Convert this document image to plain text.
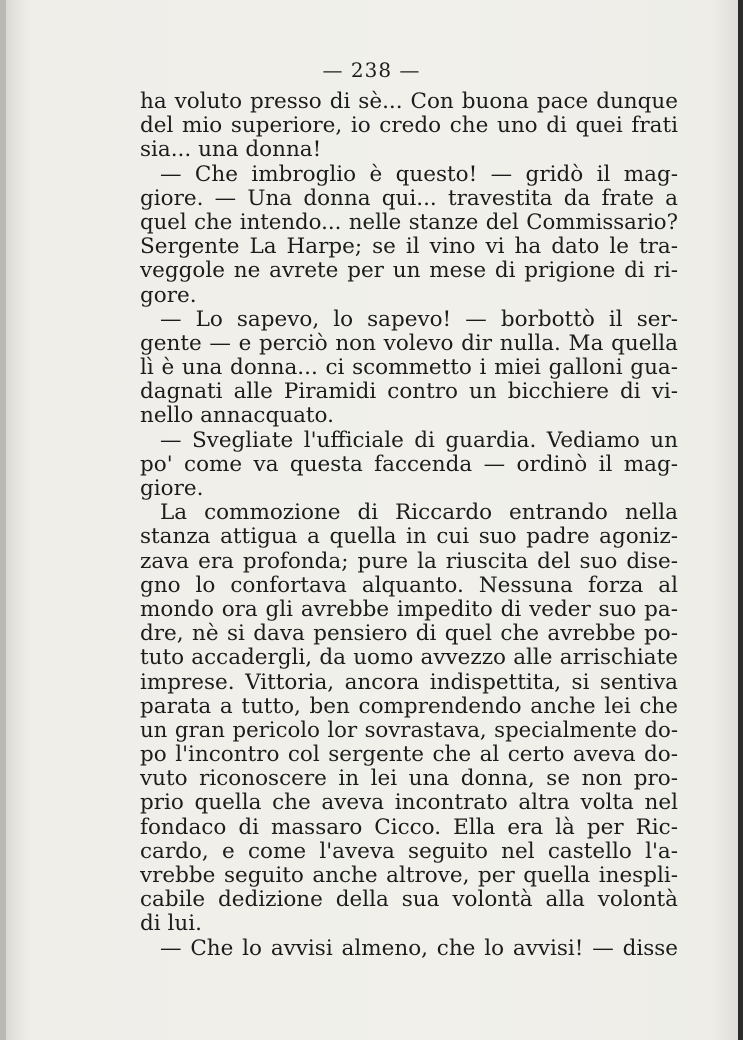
— 238 —
ha voluto presso di sè... Con buona pace dunque
del mio superiore, io credo che uno di quei frati
sia... una donna!
— Che imbroglio è questo! — gridò il mag-
giore. — Una donna qui... travestita da frate a
quel che intendo... nelle stanze del Commissario?
Sergente La Harpe; se il vino vi ha dato le tra-
veggole ne avrete per un mese di prigione di ri-
gore.
— Lo sapevo, lo sapevo! — borbottò il ser-
gente — e perciò non volevo dir nulla. Ma quella
lì è una donna... ci scommetto i miei galloni gua-
dagnati alle Piramidi contro un bicchiere di vi-
nello annacquato.
— Svegliate l'ufficiale di guardia. Vediamo un
po' come va questa faccenda — ordinò il mag-
giore.
La commozione di Riccardo entrando nella
stanza attigua a quella in cui suo padre agoniz-
zava era profonda; pure la riuscita del suo dise-
gno lo confortava alquanto. Nessuna forza al
mondo ora gli avrebbe impedito di veder suo pa-
dre, nè si dava pensiero di quel che avrebbe po-
tuto accadergli, da uomo avvezzo alle arrischiate
imprese. Vittoria, ancora indispettita, si sentiva
parata a tutto, ben comprendendo anche lei che
un gran pericolo lor sovrastava, specialmente do-
po l'incontro col sergente che al certo aveva do-
vuto riconoscere in lei una donna, se non pro-
prio quella che aveva incontrato altra volta nel
fondaco di massaro Cicco. Ella era là per Ric-
cardo, e come l'aveva seguito nel castello l'a-
vrebbe seguito anche altrove, per quella inespli-
cabile dedizione della sua volontà alla volontà
di lui.
— Che lo avvisi almeno, che lo avvisi! — disse
